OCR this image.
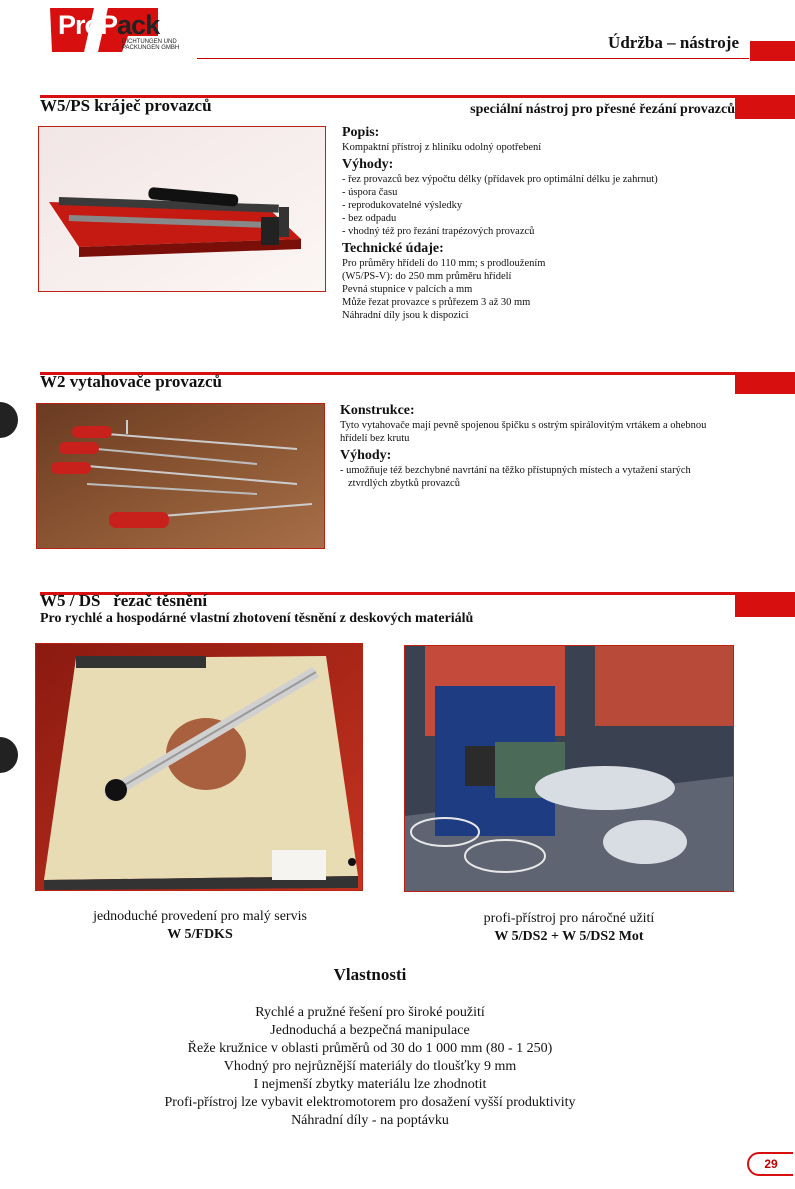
ProPack
DICHTUNGEN UND PACKUNGEN GMBH	Údržba – nástroje
W5/PS kráječ provazců	speciální nástroj pro přesné řezání provazců
Popis:
Kompaktní přístroj z hliníku odolný opotřebení
Výhody:
- řez provazců bez výpočtu délky (přídavek pro optimální délku je zahrnut)
- úspora času
- reprodukovatelné výsledky
- bez odpadu
- vhodný též pro řezání trapézových provazců
Technické údaje:
Pro průměry hřídelí do 110 mm; s prodloužením
(W5/PS-V): do 250 mm průměru hřídelí
Pevná stupnice v palcích a mm
Může řezat provazce s průřezem 3 až 30 mm
Náhradní díly jsou k dispozici
W2 vytahovače provazců
Konstrukce:
Tyto vytahovače mají pevně spojenou špičku s ostrým spirálovitým vrtákem a ohebnou
hřídelí bez krutu
Výhody:
- umožňuje též bezchybné navrtání na těžko přístupných místech a vytažení starých
ztvrdlých zbytků provazců
W5 / DS   řezač těsnění
Pro rychlé a hospodárné vlastní zhotovení těsnění z deskových materiálů
jednoduché provedení pro malý servis
W 5/FDKS
profi-přístroj pro náročné užití
W 5/DS2 + W 5/DS2 Mot
Vlastnosti
Rychlé a pružné řešení pro široké použití
Jednoduchá a bezpečná manipulace
Řeže kružnice v oblasti průměrů od 30 do 1 000 mm (80 - 1 250)
Vhodný pro nejrůznější materiály do tloušťky 9 mm
I nejmenší zbytky materiálu lze zhodnotit
Profi-přístroj lze vybavit elektromotorem pro dosažení vyšší produktivity
Náhradní díly - na poptávku
29
